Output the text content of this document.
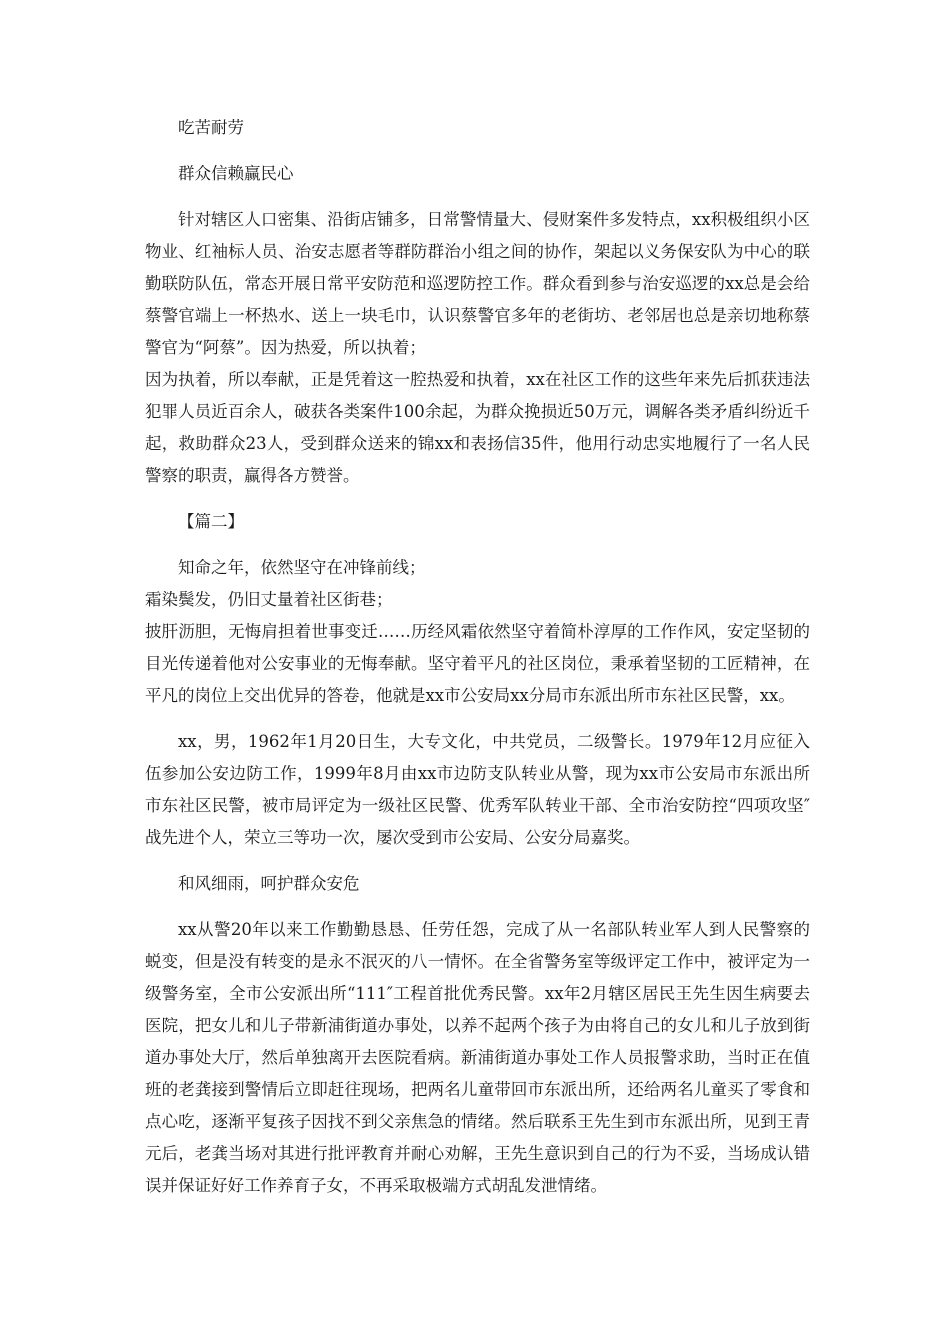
吃苦耐劳

群众信赖赢民心

针对辖区人口密集、沿街店铺多，日常警情量大、侵财案件多发特点，xx积极组织小区物业、红袖标人员、治安志愿者等群防群治小组之间的协作，架起以义务保安队为中心的联勤联防队伍，常态开展日常平安防范和巡逻防控工作。群众看到参与治安巡逻的xx总是会给蔡警官端上一杯热水、送上一块毛巾，认识蔡警官多年的老街坊、老邻居也总是亲切地称蔡警官为“阿蔡”。因为热爱，所以执着；

因为执着，所以奉献，正是凭着这一腔热爱和执着，xx在社区工作的这些年来先后抓获违法犯罪人员近百余人，破获各类案件100余起，为群众挽损近50万元，调解各类矛盾纠纷近千起，救助群众23人，受到群众送来的锦xx和表扬信35件，他用行动忠实地履行了一名人民警察的职责，赢得各方赞誉。

【篇二】

知命之年，依然坚守在冲锋前线；

霜染鬓发，仍旧丈量着社区街巷；

披肝沥胆，无悔肩担着世事变迁……历经风霜依然坚守着简朴淳厚的工作作风，安定坚韧的目光传递着他对公安事业的无悔奉献。坚守着平凡的社区岗位，秉承着坚韧的工匠精神，在平凡的岗位上交出优异的答卷，他就是xx市公安局xx分局市东派出所市东社区民警，xx。

xx，男，1962年1月20日生，大专文化，中共党员，二级警长。1979年12月应征入伍参加公安边防工作，1999年8月由xx市边防支队转业从警，现为xx市公安局市东派出所市东社区民警，被市局评定为一级社区民警、优秀军队转业干部、全市治安防控“四项攻坚″战先进个人，荣立三等功一次，屡次受到市公安局、公安分局嘉奖。

和风细雨，呵护群众安危

xx从警20年以来工作勤勤恳恳、任劳任怨，完成了从一名部队转业军人到人民警察的蜕变，但是没有转变的是永不泯灭的八一情怀。在全省警务室等级评定工作中，被评定为一级警务室，全市公安派出所“111″工程首批优秀民警。xx年2月辖区居民王先生因生病要去医院，把女儿和儿子带新浦街道办事处，以养不起两个孩子为由将自己的女儿和儿子放到街道办事处大厅，然后单独离开去医院看病。新浦街道办事处工作人员报警求助，当时正在值班的老龚接到警情后立即赶往现场，把两名儿童带回市东派出所，还给两名儿童买了零食和点心吃，逐渐平复孩子因找不到父亲焦急的情绪。然后联系王先生到市东派出所，见到王青元后，老龚当场对其进行批评教育并耐心劝解，王先生意识到自己的行为不妥，当场成认错误并保证好好工作养育子女，不再采取极端方式胡乱发泄情绪。
